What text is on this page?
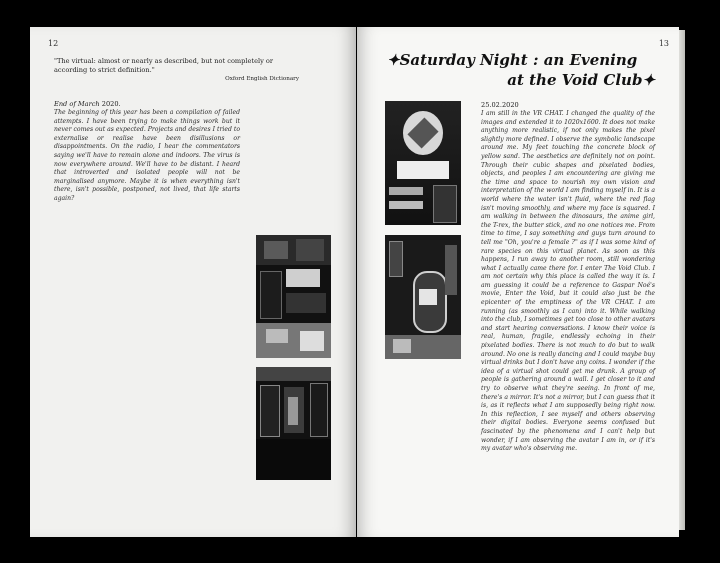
12
"The virtual: almost or nearly as described, but not completely or according to strict definition."
Oxford English Dictionary
End of March 2020.
The beginning of this year has been a compilation of failed attempts. I have been trying to make things work but it never comes out as expected. Projects and desires I tried to externalise or realise have been disillusions or disappointments. On the radio, I hear the commentators saying we'll have to remain alone and indoors. The virus is now everywhere around. We'll have to be distant. I heard that introverted and isolated people will not be marginalised anymore. Maybe it is when everything isn't there, isn't possible, postponed, not lived, that life starts again?
13
✦Saturday Night : an Evening
at the Void Club✦
25.02.2020
I am still in the VR CHAT. I changed the quality of the images and extended it to 1020x1600. It does not make anything more realistic, if not only makes the pixel slightly more defined. I observe the symbolic landscape around me. My feet touching the concrete block of yellow sand. The aesthetics are definitely not on point. Through their cubic shapes and pixelated bodies, objects, and peoples I am encountering are giving me the time and space to nourish my own vision and interpretation of the world I am finding myself in. It is a world where the water isn't fluid, where the red flag isn't moving smoothly, and where my face is squared. I am walking in between the dinosaurs, the anime girl, the T-rex, the butter stick, and no one notices me. From time to time, I say something and guys turn around to tell me "Oh, you're a female ?" as if I was some kind of rare species on this virtual planet. As soon as this happens, I run away to another room, still wondering what I actually came there for. I enter The Void Club. I am not certain why this place is called the way it is. I am guessing it could be a reference to Gaspar Noé's movie, Enter the Void, but it could also just be the epicenter of the emptiness of the VR CHAT. I am running (as smoothly as I can) into it. While walking into the club, I sometimes get too close to other avatars and start hearing conversations. I know their voice is real, human, fragile, endlessly echoing in their pixelated bodies. There is not much to do but to walk around. No one is really dancing and I could maybe buy virtual drinks but I don't have any coins. I wonder if the idea of a virtual shot could get me drunk. A group of people is gathering around a wall. I get closer to it and try to observe what they're seeing. In front of me, there's a mirror. It's not a mirror, but I can guess that it is, as it reflects what I am supposedly being right now. In this reflection, I see myself and others observing their digital bodies. Everyone seems confused but fascinated by the phenomena and I can't help but wonder, if I am observing the avatar I am in, or if it's my avatar who's observing me.
